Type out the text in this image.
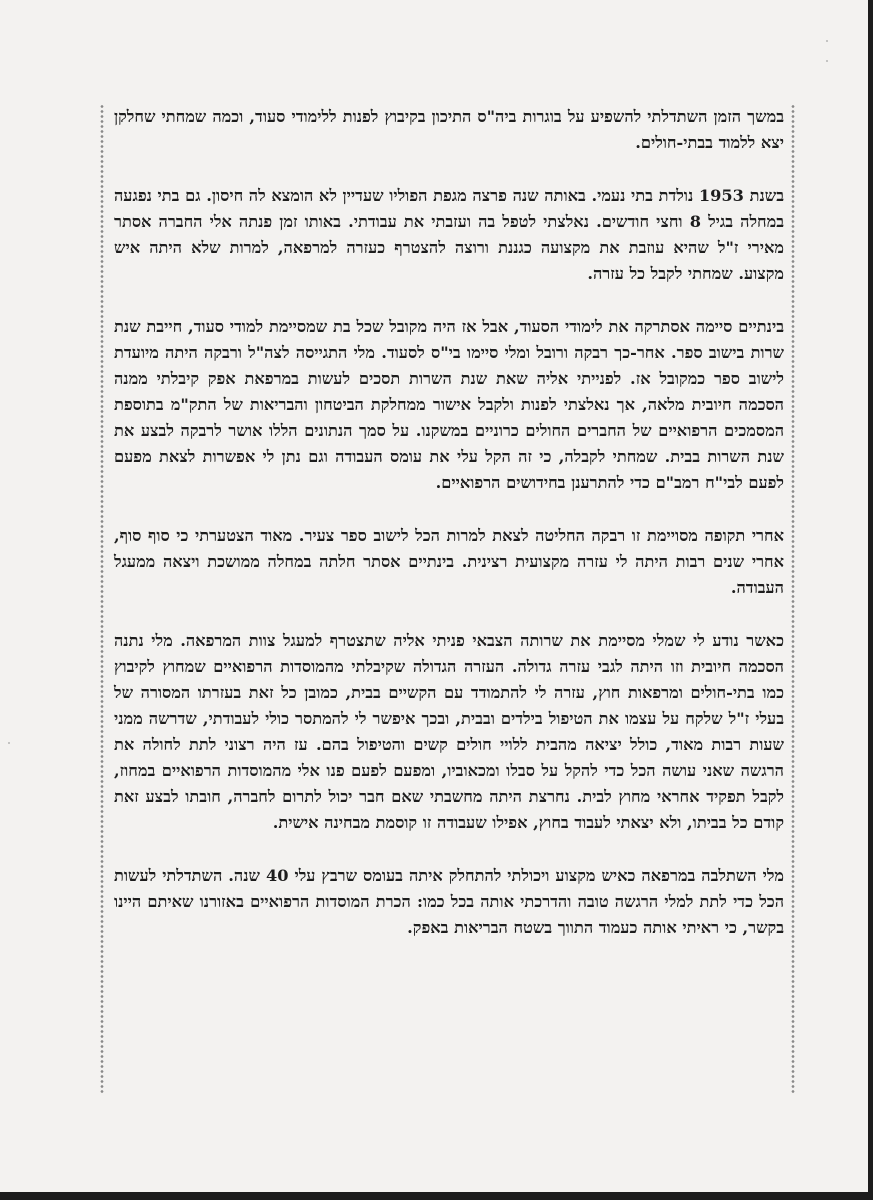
במשך הזמן השתדלתי להשפיע על בוגרות ביה"ס התיכון בקיבוץ לפנות ללימודי סעוד, וכמה שמחתי שחלקן יצא ללמוד בבתי-חולים.

בשנת 1953 נולדת בתי נעמי. באותה שנה פרצה מגפת הפוליו שעדיין לא הומצא לה חיסון. גם בתי נפגעה במחלה בגיל 8 וחצי חודשים. נאלצתי לטפל בה ועזבתי את עבודתי. באותו זמן פנתה אלי החברה אסתר מאירי ז"ל שהיא עוזבת את מקצועה כגננת ורוצה להצטרף כעזרה למרפאה, למרות שלא היתה איש מקצוע. שמחתי לקבל כל עזרה.

בינתיים סיימה אסתרקה את לימודי הסעוד, אבל אז היה מקובל שכל בת שמסיימת למודי סעוד, חייבת שנת שרות בישוב ספר. אחר-כך רבקה ורובל ומלי סיימו בי"ס לסעוד. מלי התגייסה לצה"ל ורבקה היתה מיועדת לישוב ספר כמקובל אז. לפנייתי אליה שאת שנת השרות תסכים לעשות במרפאת אפק קיבלתי ממנה הסכמה חיובית מלאה, אך נאלצתי לפנות ולקבל אישור ממחלקת הביטחון והבריאות של התק"מ בתוספת המסמכים הרפואיים של החברים החולים כרוניים במשקנו. על סמך הנתונים הללו אושר לרבקה לבצע את שנת השרות בבית. שמחתי לקבלה, כי זה הקל עלי את עומס העבודה וגם נתן לי אפשרות לצאת מפעם לפעם לבי"ח רמב"ם כדי להתרענן בחידושים הרפואיים.

אחרי תקופה מסויימת זו רבקה החליטה לצאת למרות הכל לישוב ספר צעיר. מאוד הצטערתי כי סוף סוף, אחרי שנים רבות היתה לי עזרה מקצועית רצינית. בינתיים אסתר חלתה במחלה ממושכת ויצאה ממעגל העבודה.

כאשר נודע לי שמלי מסיימת את שרותה הצבאי פניתי אליה שתצטרף למעגל צוות המרפאה. מלי נתנה הסכמה חיובית וזו היתה לגבי עזרה גדולה. העזרה הגדולה שקיבלתי מהמוסדות הרפואיים שמחוץ לקיבוץ כמו בתי-חולים ומרפאות חוץ, עזרה לי להתמודד עם הקשיים בבית, כמובן כל זאת בעזרתו המסורה של בעלי ז"ל שלקח על עצמו את הטיפול בילדים ובבית, ובכך איפשר לי להמתסר כולי לעבודתי, שדרשה ממני שעות רבות מאוד, כולל יציאה מהבית ללויי חולים קשים והטיפול בהם. עז היה רצוני לתת לחולה את הרגשה שאני עושה הכל כדי להקל על סבלו ומכאוביו, ומפעם לפעם פנו אלי מהמוסדות הרפואיים במחוז, לקבל תפקיד אחראי מחוץ לבית. נחרצת היתה מחשבתי שאם חבר יכול לתרום לחברה, חובתו לבצע זאת קודם כל בביתו, ולא יצאתי לעבוד בחוץ, אפילו שעבודה זו קוסמת מבחינה אישית.

מלי השתלבה במרפאה כאיש מקצוע ויכולתי להתחלק איתה בעומס שרבץ עלי 40 שנה. השתדלתי לעשות הכל כדי לתת למלי הרגשה טובה והדרכתי אותה בכל כמו: הכרת המוסדות הרפואיים באזורנו שאיתם היינו בקשר, כי ראיתי אותה כעמוד התווך בשטח הבריאות באפק.
